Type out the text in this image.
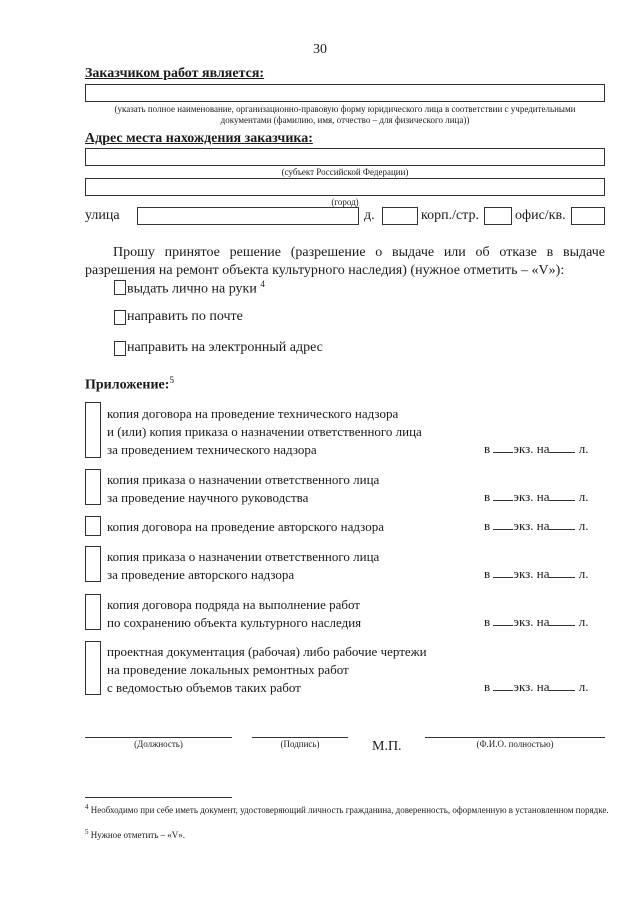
30
Заказчиком работ является:
(указать полное наименование, организационно-правовую форму юридического лица в соответствии с учредительными документами (фамилию, имя, отчество – для физического лица))
Адрес места нахождения заказчика:
(субъект Российской Федерации)
(город)
улица	д.	корп./стр.	офис/кв.
Прошу принятое решение (разрешение о выдаче или об отказе в выдаче разрешения на ремонт объекта культурного наследия) (нужное отметить – «V»):
выдать лично на руки $^4$
направить по почте
направить на электронный адрес
Приложение:$^5$
копия договора на проведение технического надзора
и (или) копия приказа о назначении ответственного лица
за проведением технического надзора	в экз. на л.
копия приказа о назначении ответственного лица
за проведение научного руководства	в экз. на л.
копия договора на проведение авторского надзора	в экз. на л.
копия приказа о назначении ответственного лица
за проведение авторского надзора	в экз. на л.
копия договора подряда на выполнение работ
по сохранению объекта культурного наследия	в экз. на л.
проектная документация (рабочая) либо рабочие чертежи
на проведение локальных ремонтных работ
с ведомостью объемов таких работ	в экз. на л.
(Должность)	(Подпись)	М.П.	(Ф.И.О. полностью)
$^4$ Необходимо при себе иметь документ, удостоверяющий личность гражданина, доверенность, оформленную в установленном порядке.
$^5$ Нужное отметить – «V».
